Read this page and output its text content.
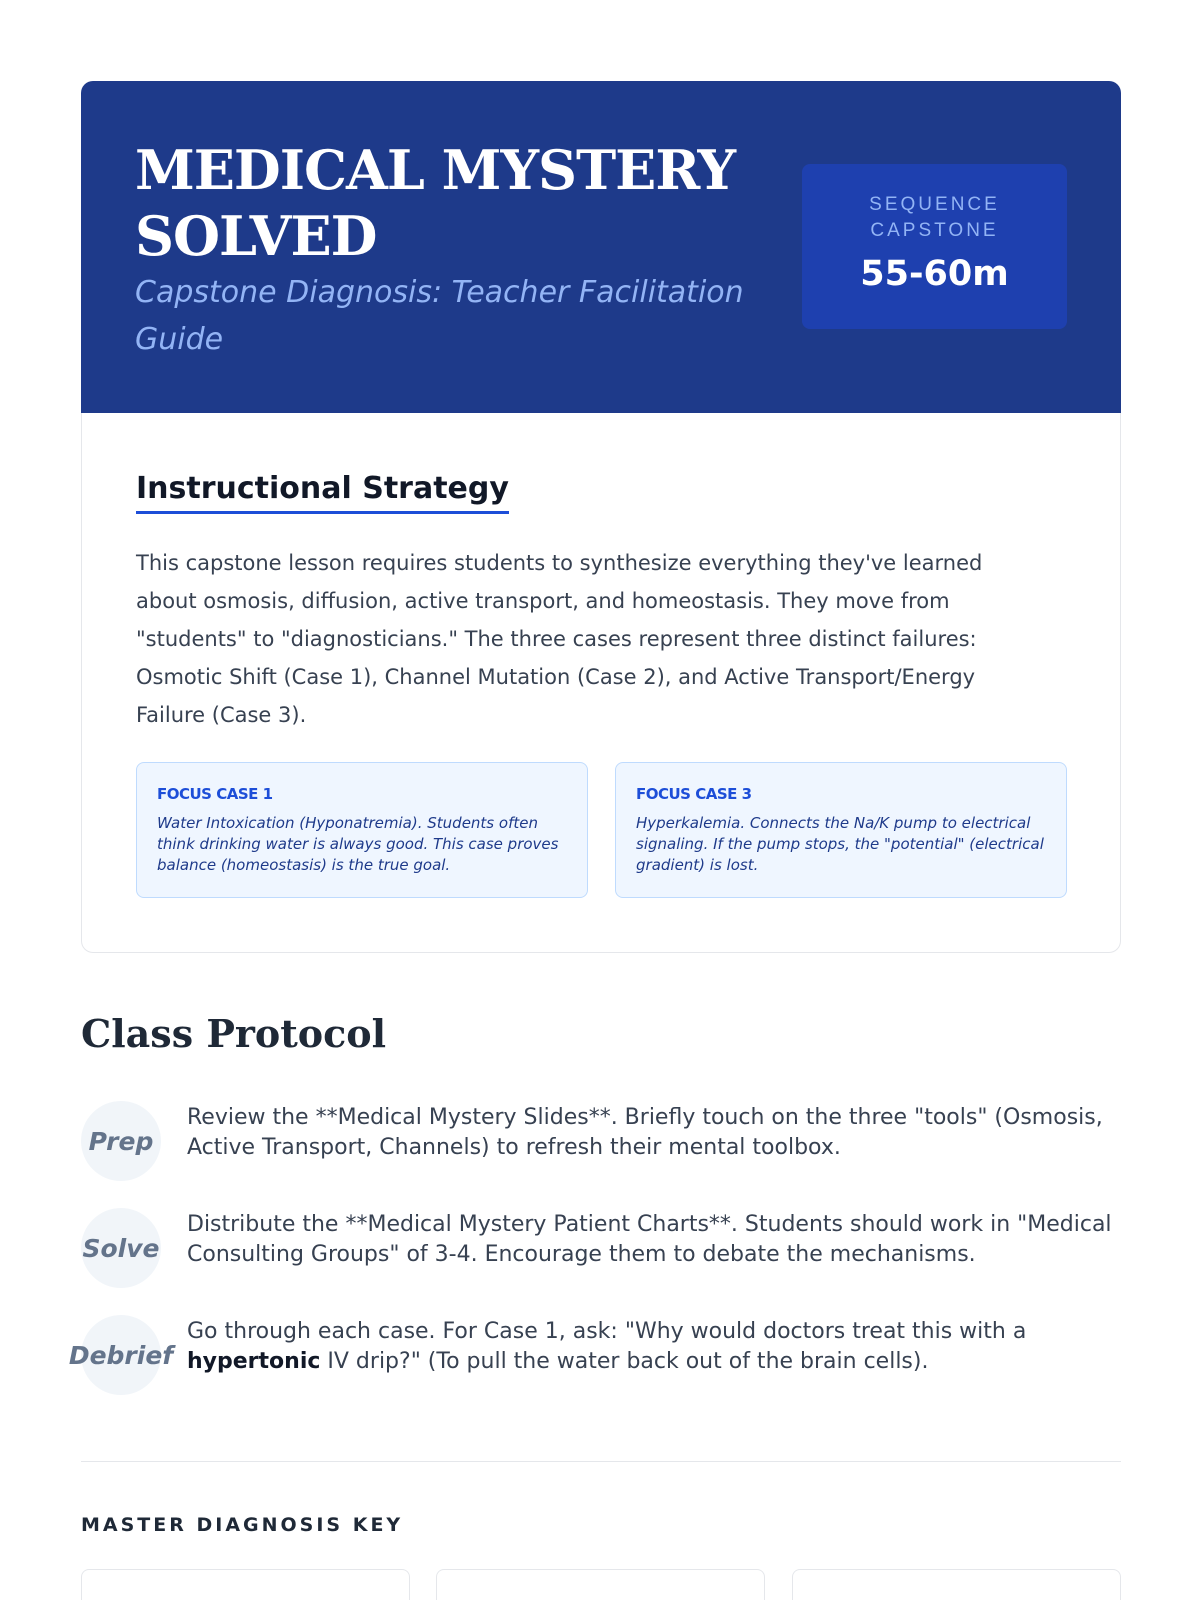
MEDICAL MYSTERY SOLVED
Capstone Diagnosis: Teacher Facilitation Guide
SEQUENCE CAPSTONE
55-60m
Instructional Strategy

This capstone lesson requires students to synthesize everything they've learned about osmosis, diffusion, active transport, and homeostasis. They move from "students" to "diagnosticians." The three cases represent three distinct failures: Osmotic Shift (Case 1), Channel Mutation (Case 2), and Active Transport/Energy Failure (Case 3).

FOCUS CASE 1
Water Intoxication (Hyponatremia). Students often think drinking water is always good. This case proves balance (homeostasis) is the true goal.
FOCUS CASE 3
Hyperkalemia. Connects the Na/K pump to electrical signaling. If the pump stops, the "potential" (electrical gradient) is lost.
Class Protocol
Prep
Review the **Medical Mystery Slides**. Briefly touch on the three "tools" (Osmosis, Active Transport, Channels) to refresh their mental toolbox.
Solve
Distribute the **Medical Mystery Patient Charts**. Students should work in "Medical Consulting Groups" of 3-4. Encourage them to debate the mechanisms.
Debrief
Go through each case. For Case 1, ask: "Why would doctors treat this with a hypertonic IV drip?" (To pull the water back out of the brain cells).
MASTER DIAGNOSIS KEY
